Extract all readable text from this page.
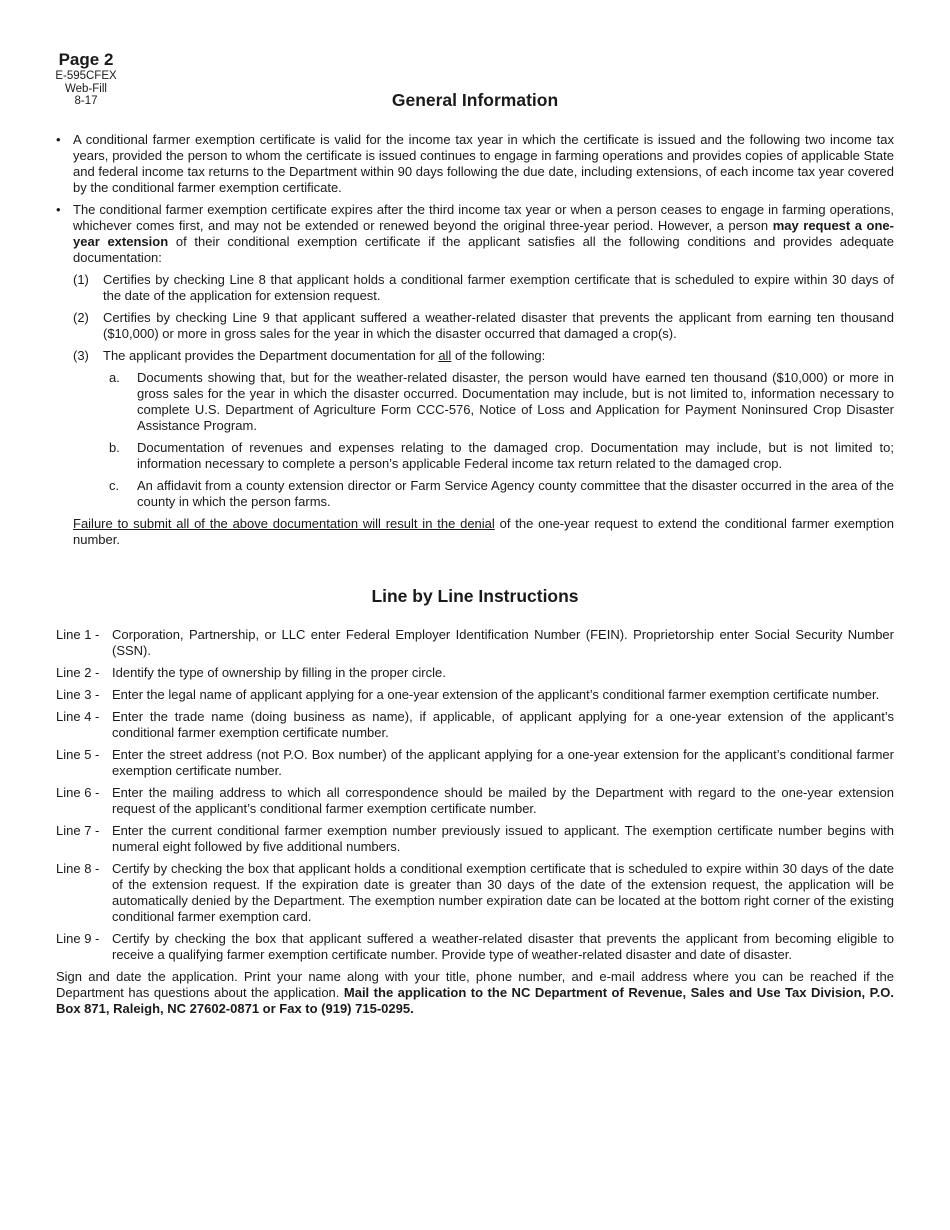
Page 2
E-595CFEX
Web-Fill
8-17	General Information
• A conditional farmer exemption certificate is valid for the income tax year in which the certificate is issued and the following two income tax years, provided the person to whom the certificate is issued continues to engage in farming operations and provides copies of applicable State and federal income tax returns to the Department within 90 days following the due date, including extensions, of each income tax year covered by the conditional farmer exemption certificate.
• The conditional farmer exemption certificate expires after the third income tax year or when a person ceases to engage in farming operations, whichever comes first, and may not be extended or renewed beyond the original three-year period. However, a person may request a one-year extension of their conditional exemption certificate if the applicant satisfies all the following conditions and provides adequate documentation:
(1) Certifies by checking Line 8 that applicant holds a conditional farmer exemption certificate that is scheduled to expire within 30 days of the date of the application for extension request.
(2) Certifies by checking Line 9 that applicant suffered a weather-related disaster that prevents the applicant from earning ten thousand ($10,000) or more in gross sales for the year in which the disaster occurred that damaged a crop(s).
(3) The applicant provides the Department documentation for all of the following:
a. Documents showing that, but for the weather-related disaster, the person would have earned ten thousand ($10,000) or more in gross sales for the year in which the disaster occurred. Documentation may include, but is not limited to, information necessary to complete U.S. Department of Agriculture Form CCC-576, Notice of Loss and Application for Payment Noninsured Crop Disaster Assistance Program.
b. Documentation of revenues and expenses relating to the damaged crop. Documentation may include, but is not limited to; information necessary to complete a person’s applicable Federal income tax return related to the damaged crop.
c. An affidavit from a county extension director or Farm Service Agency county committee that the disaster occurred in the area of the county in which the person farms.
Failure to submit all of the above documentation will result in the denial of the one-year request to extend the conditional farmer exemption number.
Line by Line Instructions
Line 1 - Corporation, Partnership, or LLC enter Federal Employer Identification Number (FEIN). Proprietorship enter Social Security Number (SSN).
Line 2 - Identify the type of ownership by filling in the proper circle.
Line 3 - Enter the legal name of applicant applying for a one-year extension of the applicant’s conditional farmer exemption certificate number.
Line 4 - Enter the trade name (doing business as name), if applicable, of applicant applying for a one-year extension of the applicant’s conditional farmer exemption certificate number.
Line 5 - Enter the street address (not P.O. Box number) of the applicant applying for a one-year extension for the applicant’s conditional farmer exemption certificate number.
Line 6 - Enter the mailing address to which all correspondence should be mailed by the Department with regard to the one-year extension request of the applicant’s conditional farmer exemption certificate number.
Line 7 - Enter the current conditional farmer exemption number previously issued to applicant. The exemption certificate number begins with numeral eight followed by five additional numbers.
Line 8 - Certify by checking the box that applicant holds a conditional exemption certificate that is scheduled to expire within 30 days of the date of the extension request. If the expiration date is greater than 30 days of the date of the extension request, the application will be automatically denied by the Department. The exemption number expiration date can be located at the bottom right corner of the existing conditional farmer exemption card.
Line 9 - Certify by checking the box that applicant suffered a weather-related disaster that prevents the applicant from becoming eligible to receive a qualifying farmer exemption certificate number. Provide type of weather-related disaster and date of disaster.
Sign and date the application. Print your name along with your title, phone number, and e-mail address where you can be reached if the Department has questions about the application. Mail the application to the NC Department of Revenue, Sales and Use Tax Division, P.O. Box 871, Raleigh, NC 27602-0871 or Fax to (919) 715-0295.
